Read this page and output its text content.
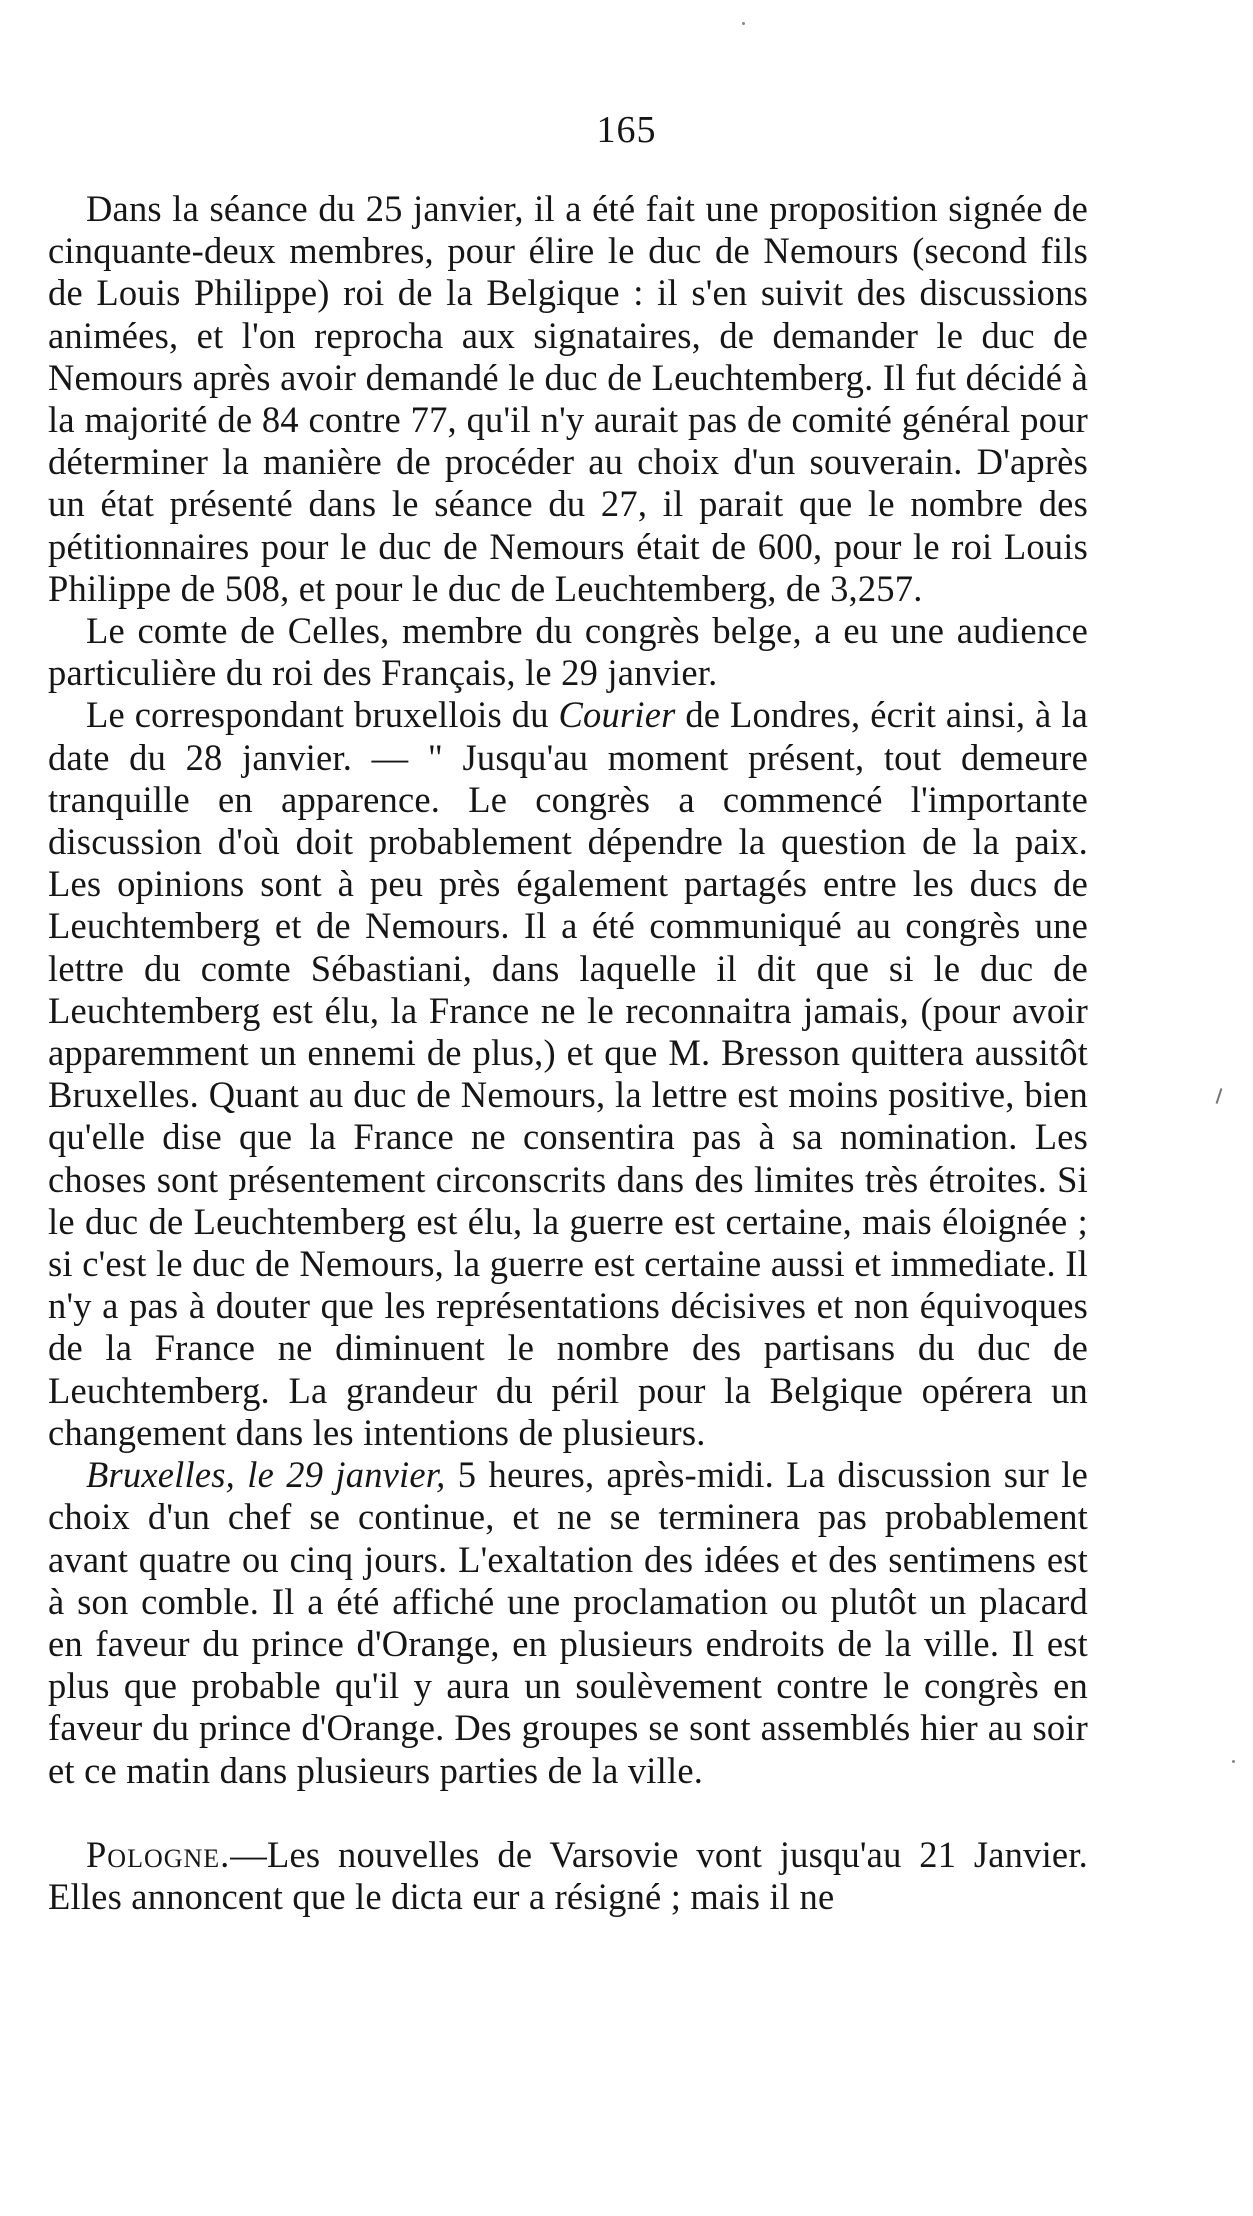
165

Dans la séance du 25 janvier, il a été fait une proposition signée de cinquante-deux membres, pour élire le duc de Nemours (second fils de Louis Philippe) roi de la Belgique : il s'en suivit des discussions animées, et l'on reprocha aux signataires, de demander le duc de Nemours après avoir demandé le duc de Leuchtemberg. Il fut décidé à la majorité de 84 contre 77, qu'il n'y aurait pas de comité général pour déterminer la manière de procéder au choix d'un souverain. D'après un état présenté dans le séance du 27, il parait que le nombre des pétitionnaires pour le duc de Nemours était de 600, pour le roi Louis Philippe de 508, et pour le duc de Leuchtemberg, de 3,257.

Le comte de Celles, membre du congrès belge, a eu une audience particulière du roi des Français, le 29 janvier.

Le correspondant bruxellois du Courier de Londres, écrit ainsi, à la date du 28 janvier. — " Jusqu'au moment présent, tout demeure tranquille en apparence. Le congrès a commencé l'importante discussion d'où doit probablement dépendre la question de la paix. Les opinions sont à peu près également partagés entre les ducs de Leuchtemberg et de Nemours. Il a été communiqué au congrès une lettre du comte Sébastiani, dans laquelle il dit que si le duc de Leuchtemberg est élu, la France ne le reconnaitra jamais, (pour avoir apparemment un ennemi de plus,) et que M. Bresson quittera aussitôt Bruxelles. Quant au duc de Nemours, la lettre est moins positive, bien qu'elle dise que la France ne consentira pas à sa nomination. Les choses sont présentement circonscrits dans des limites très étroites. Si le duc de Leuchtemberg est élu, la guerre est certaine, mais éloignée ; si c'est le duc de Nemours, la guerre est certaine aussi et immediate. Il n'y a pas à douter que les représentations décisives et non équivoques de la France ne diminuent le nombre des partisans du duc de Leuchtemberg. La grandeur du péril pour la Belgique opérera un changement dans les intentions de plusieurs.

Bruxelles, le 29 janvier, 5 heures, après-midi. La discussion sur le choix d'un chef se continue, et ne se terminera pas probablement avant quatre ou cinq jours. L'exaltation des idées et des sentimens est à son comble. Il a été affiché une proclamation ou plutôt un placard en faveur du prince d'Orange, en plusieurs endroits de la ville. Il est plus que probable qu'il y aura un soulèvement contre le congrès en faveur du prince d'Orange. Des groupes se sont assemblés hier au soir et ce matin dans plusieurs parties de la ville.

Pologne.—Les nouvelles de Varsovie vont jusqu'au 21 Janvier. Elles annoncent que le dicta eur a résigné ; mais il ne
